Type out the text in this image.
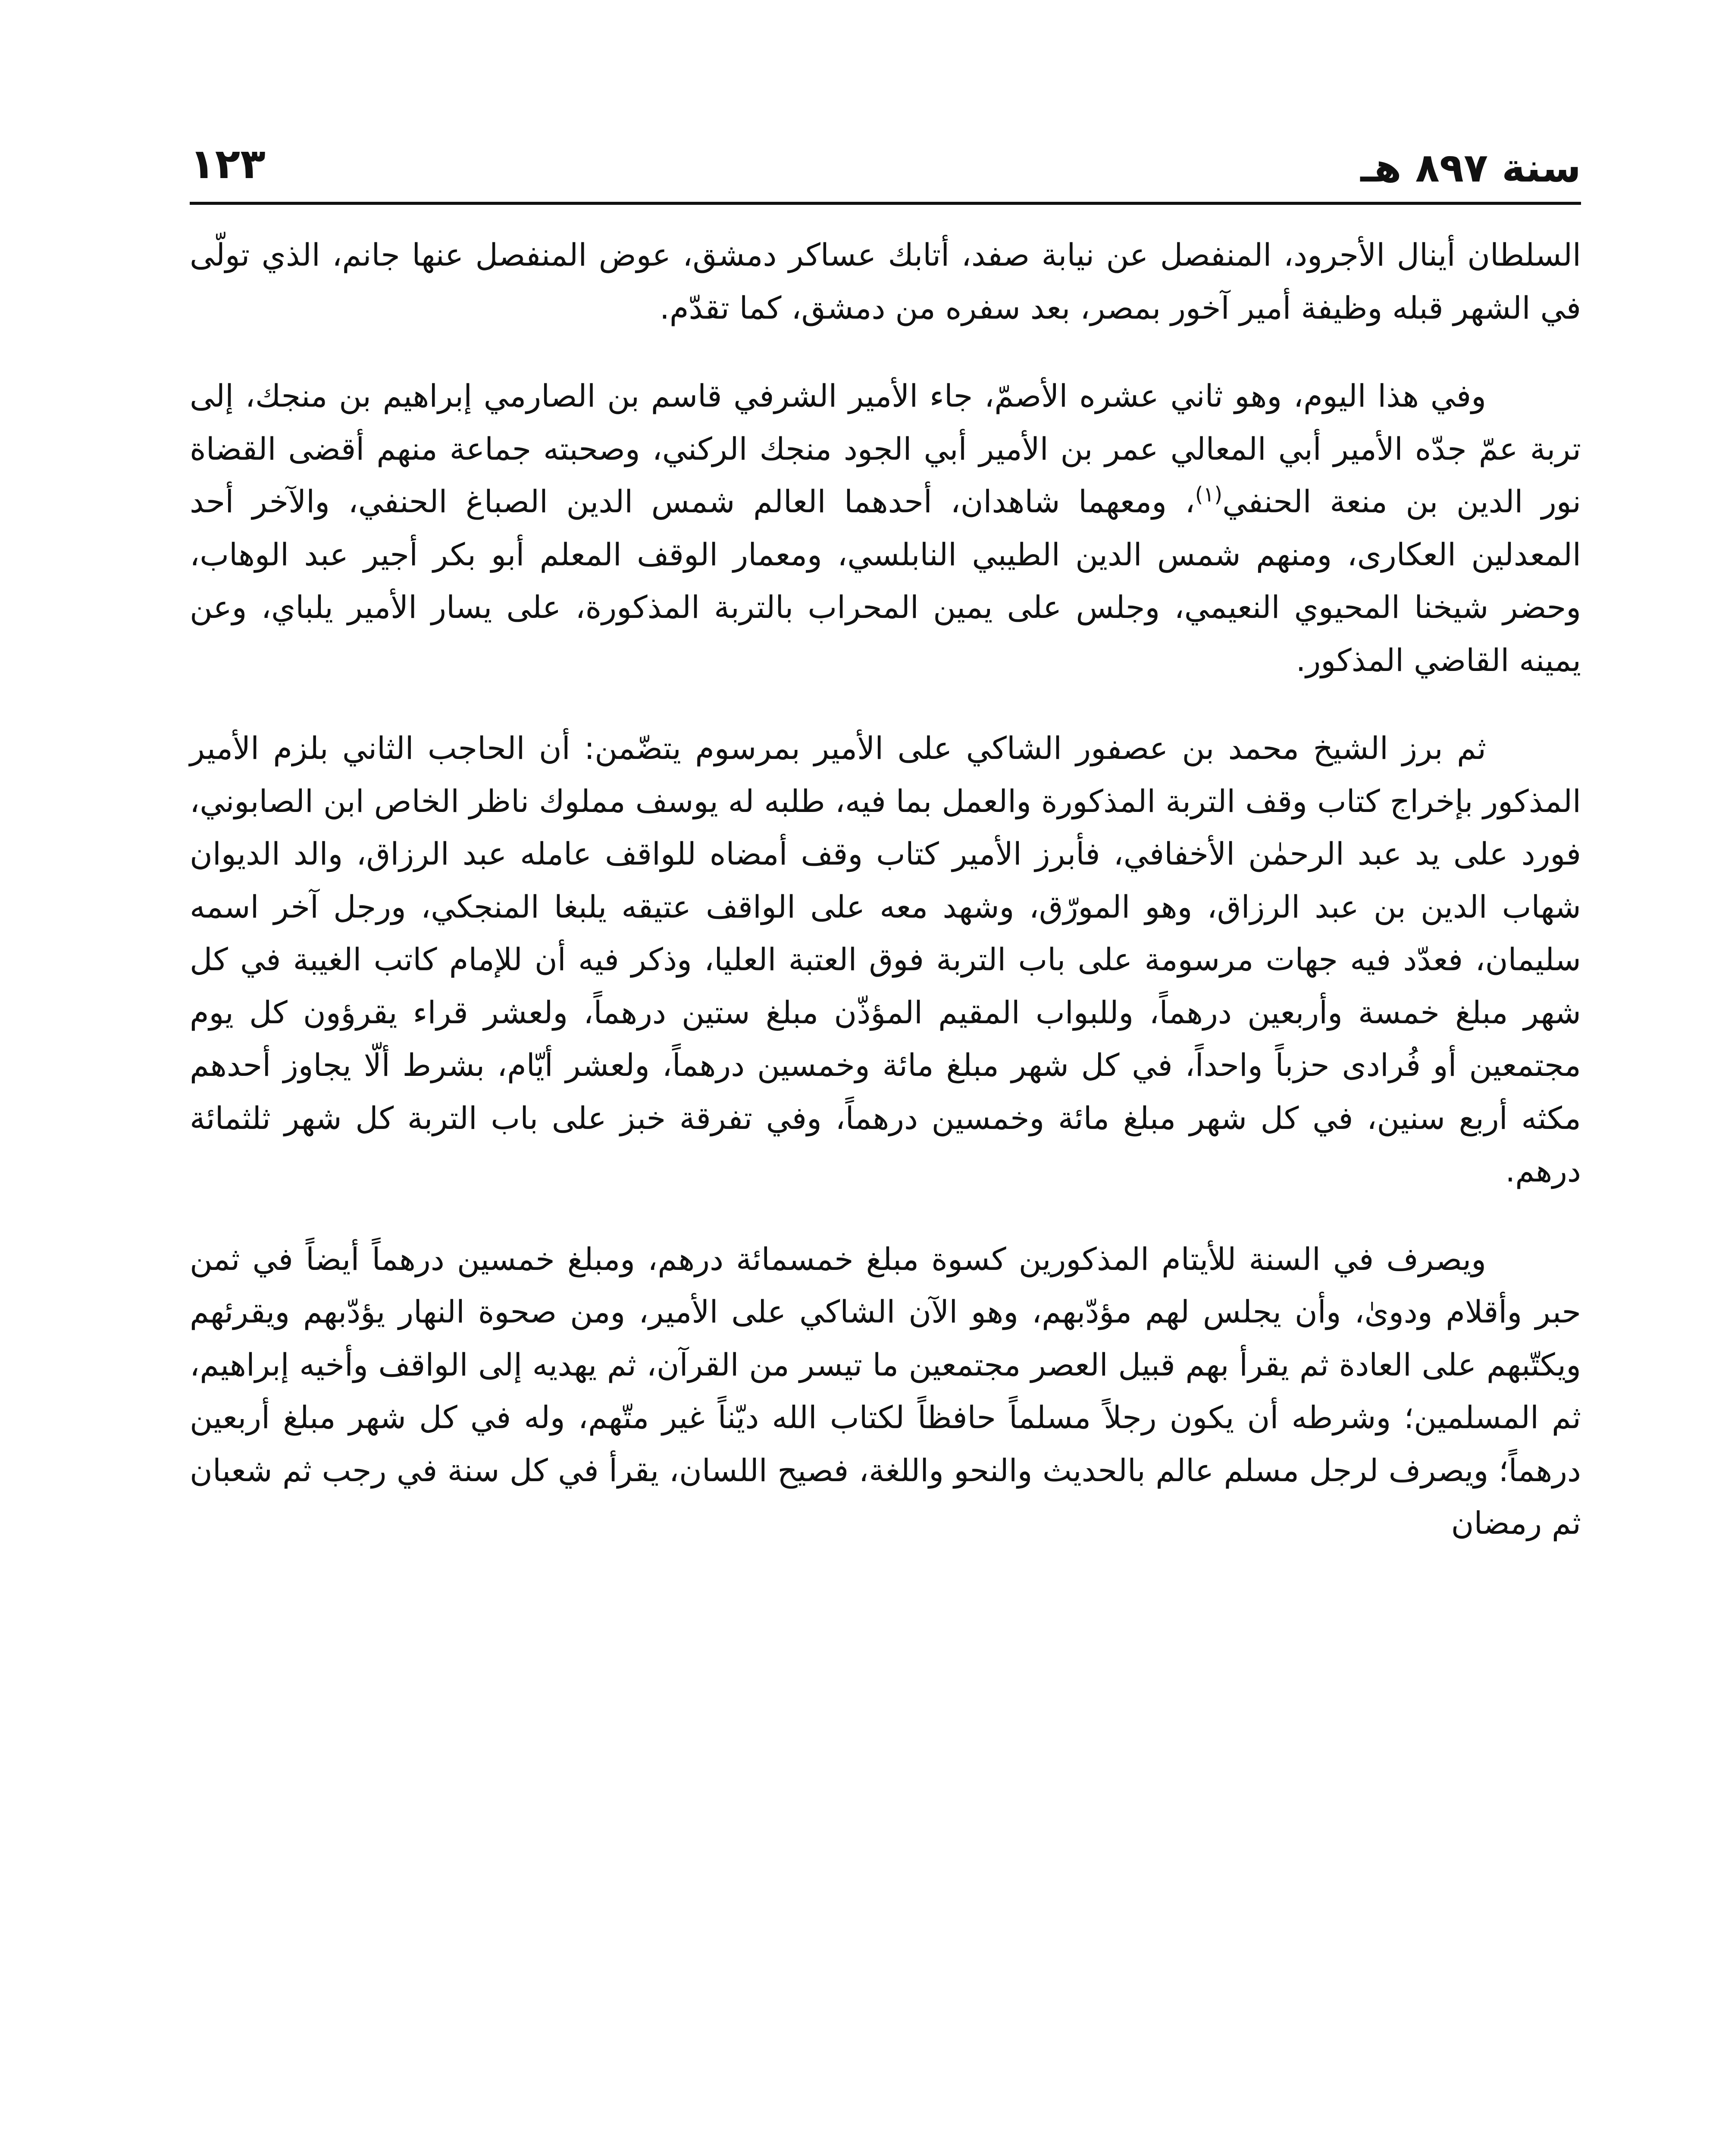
سنة ٨٩٧ هـ
١٢٣

السلطان أينال الأجرود، المنفصل عن نيابة صفد، أتابك عساكر دمشق، عوض المنفصل عنها جانم، الذي تولّى في الشهر قبله وظيفة أمير آخور بمصر، بعد سفره من دمشق، كما تقدّم.

وفي هذا اليوم، وهو ثاني عشره الأصمّ، جاء الأمير الشرفي قاسم بن الصارمي إبراهيم بن منجك، إلى تربة عمّ جدّه الأمير أبي المعالي عمر بن الأمير أبي الجود منجك الركني، وصحبته جماعة منهم أقضى القضاة نور الدين بن منعة الحنفي$^{(١)}$، ومعهما شاهدان، أحدهما العالم شمس الدين الصباغ الحنفي، والآخر أحد المعدلين العكارى، ومنهم شمس الدين الطيبي النابلسي، ومعمار الوقف المعلم أبو بكر أجير عبد الوهاب، وحضر شيخنا المحيوي النعيمي، وجلس على يمين المحراب بالتربة المذكورة، على يسار الأمير يلباي، وعن يمينه القاضي المذكور.

ثم برز الشيخ محمد بن عصفور الشاكي على الأمير بمرسوم يتضّمن: أن الحاجب الثاني بلزم الأمير المذكور بإخراج كتاب وقف التربة المذكورة والعمل بما فيه، طلبه له يوسف مملوك ناظر الخاص ابن الصابوني، فورد على يد عبد الرحمٰن الأخفافي، فأبرز الأمير كتاب وقف أمضاه للواقف عامله عبد الرزاق، والد الديوان شهاب الدين بن عبد الرزاق، وهو المورّق، وشهد معه على الواقف عتيقه يلبغا المنجكي، ورجل آخر اسمه سليمان، فعدّد فيه جهات مرسومة على باب التربة فوق العتبة العليا، وذكر فيه أن للإمام كاتب الغيبة في كل شهر مبلغ خمسة وأربعين درهماً، وللبواب المقيم المؤذّن مبلغ ستين درهماً، ولعشر قراء يقرؤون كل يوم مجتمعين أو فُرادى حزباً واحداً، في كل شهر مبلغ مائة وخمسين درهماً، ولعشر أيّام، بشرط ألّا يجاوز أحدهم مكثه أربع سنين، في كل شهر مبلغ مائة وخمسين درهماً، وفي تفرقة خبز على باب التربة كل شهر ثلثمائة درهم.

ويصرف في السنة للأيتام المذكورين كسوة مبلغ خمسمائة درهم، ومبلغ خمسين درهماً أيضاً في ثمن حبر وأقلام ودوىٰ، وأن يجلس لهم مؤدّبهم، وهو الآن الشاكي على الأمير، ومن صحوة النهار يؤدّبهم ويقرئهم ويكتّبهم على العادة ثم يقرأ بهم قبيل العصر مجتمعين ما تيسر من القرآن، ثم يهديه إلى الواقف وأخيه إبراهيم، ثم المسلمين؛ وشرطه أن يكون رجلاً مسلماً حافظاً لكتاب الله ديّناً غير متّهم، وله في كل شهر مبلغ أربعين درهماً؛ ويصرف لرجل مسلم عالم بالحديث والنحو واللغة، فصيح اللسان، يقرأ في كل سنة في رجب ثم شعبان ثم رمضان
